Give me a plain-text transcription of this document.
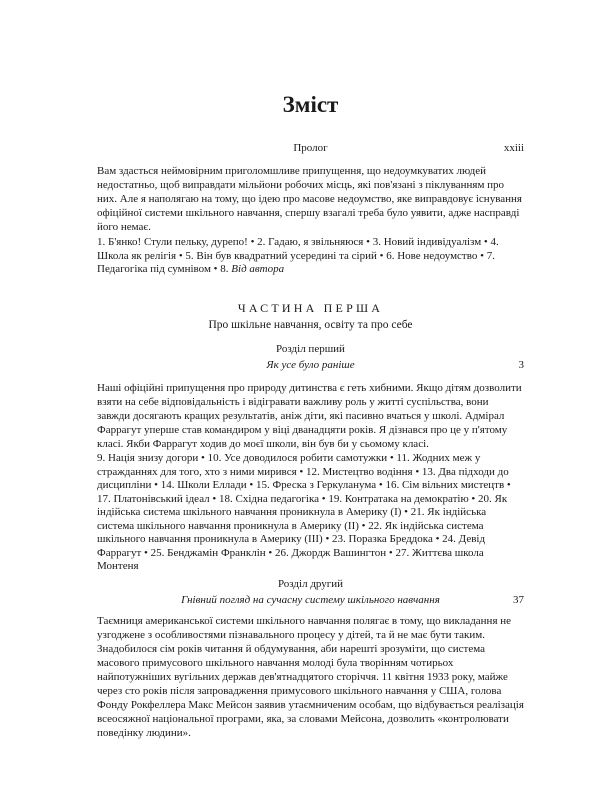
Зміст
Пролог	xxiii

Вам здасться неймовірним приголомшливе припущення, що недоумкуватих людей недостатньо, щоб виправдати мільйони робочих місць, які пов'язані з піклуванням про них. Але я наполягаю на тому, що ідею про масове недоумство, яке виправдовує існування офіційної системи шкільного навчання, спершу взагалі треба було уявити, адже насправді його немає.

1. Б'янко! Стули пельку, дурепо! • 2. Гадаю, я звільняюся • 3. Новий індивідуалізм • 4. Школа як релігія • 5. Він був квадратний усередині та сірий • 6. Нове недоумство • 7. Педагогіка під сумнівом • 8. Від автора

ЧАСТИНА ПЕРША
Про шкільне навчання, освіту та про себе
Розділ перший
Як усе було раніше	3

Наші офіційні припущення про природу дитинства є геть хибними. Якщо дітям дозволити взяти на себе відповідальність і відігравати важливу роль у житті суспільства, вони завжди досягають кращих результатів, аніж діти, які пасивно вчаться у школі. Адмірал Фаррагут уперше став командиром у віці дванадцяти років. Я дізнався про це у п'ятому класі. Якби Фаррагут ходив до моєї школи, він був би у сьомому класі.

9. Нація знизу догори • 10. Усе доводилося робити самотужки • 11. Жодних меж у стражданнях для того, хто з ними миривcя • 12. Мистецтво водіння • 13. Два підходи до дисципліни • 14. Школи Еллади • 15. Фреска з Геркуланума • 16. Сім вільних мистецтв • 17. Платонівський ідеал • 18. Східна педагогіка • 19. Контратака на демократію • 20. Як індійська система шкільного навчання проникнула в Америку (I) • 21. Як індійська система шкільного навчання проникнула в Америку (II) • 22. Як індійська система шкільного навчання проникнула в Америку (III) • 23. Поразка Бреддока • 24. Девід Фаррагут • 25. Бенджамін Франклін • 26. Джордж Вашингтон • 27. Життєва школа Монтеня

Розділ другий
Гнівний погляд на сучасну систему шкільного навчання	37

Таємниця американської системи шкільного навчання полягає в тому, що викладання не узгоджене з особливостями пізнавального процесу у дітей, та й не має бути таким. Знадобилося сім років читання й обдумування, аби нарешті зрозуміти, що система масового примусового шкільного навчання молоді була творінням чотирьох найпотужніших вугільних держав дев'ятнадцятого сторіччя. 11 квітня 1933 року, майже через сто років після запровадження примусового шкільного навчання у США, голова Фонду Рокфеллера Макс Мейсон заявив утаємниченим особам, що відбувається реалізація всеосяжної національної програми, яка, за словами Мейсона, дозволить «контролювати поведінку людини».
